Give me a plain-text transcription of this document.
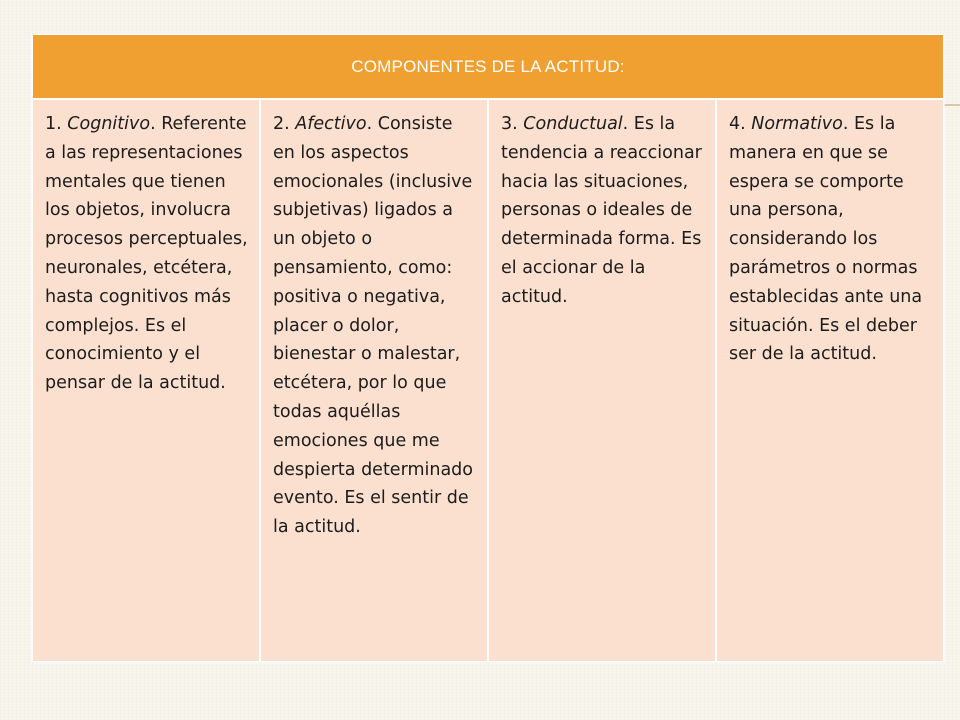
COMPONENTES DE LA ACTITUD:
1. Cognitivo. Referente a las representaciones mentales que tienen los objetos, involucra procesos perceptuales, neuronales, etcétera, hasta cognitivos más complejos. Es el conocimiento y el pensar de la actitud.
2. Afectivo. Consiste en los aspectos emocionales (inclusive subjetivas) ligados a un objeto o pensamiento, como: positiva o negativa, placer o dolor, bienestar o malestar, etcétera, por lo que todas aquéllas emociones que me despierta determinado evento. Es el sentir de la actitud.
3. Conductual. Es la tendencia a reaccionar hacia las situaciones, personas o ideales de determinada forma. Es el accionar de la actitud.
4. Normativo. Es la manera en que se espera se comporte una persona, considerando los parámetros o normas establecidas ante una situación. Es el deber ser de la actitud.
